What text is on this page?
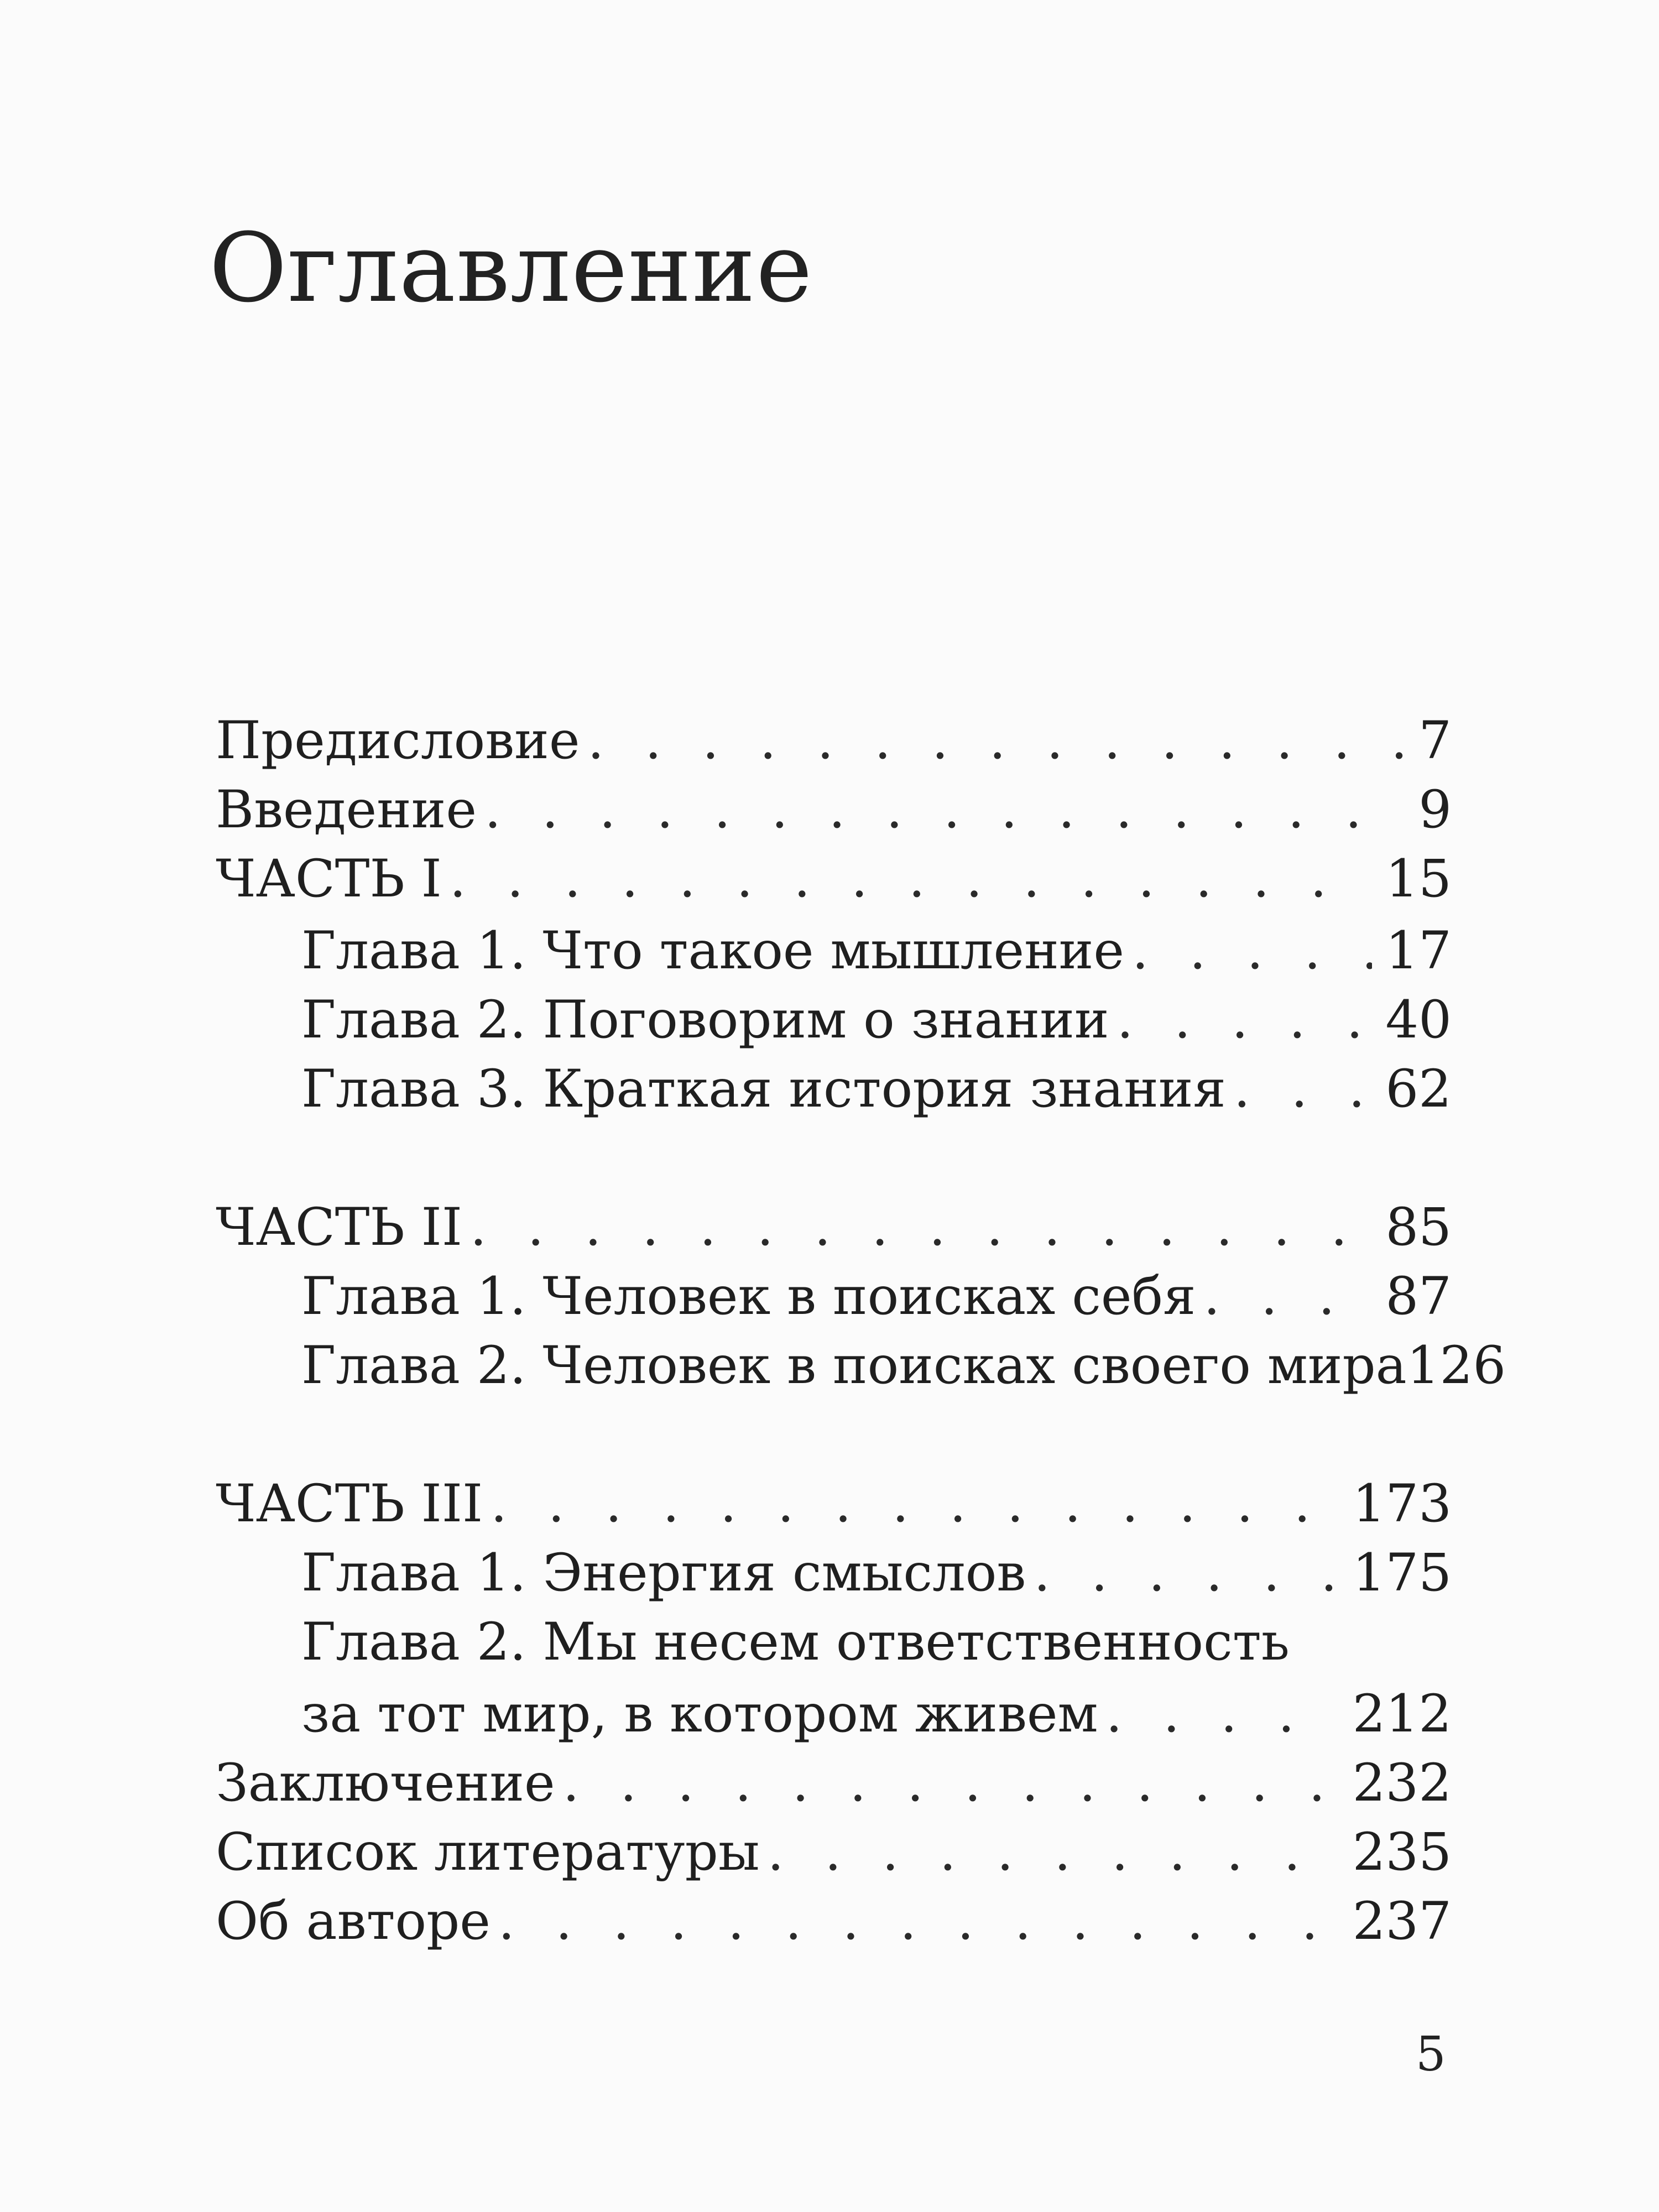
Оглавление
Предисловие . . .	7
Введение . . .	9
ЧАСТЬ I . . .	15
Глава 1. Что такое мышление . . .	17
Глава 2. Поговорим о знании . . .	40
Глава 3. Краткая история знания . . .	62
ЧАСТЬ II . . .	85
Глава 1. Человек в поисках себя . . .	87
Глава 2. Человек в поисках своего мира 126
ЧАСТЬ III . . .	173
Глава 1. Энергия смыслов . . .	175
Глава 2. Мы несем ответственность
за тот мир, в котором живем . . .	212
Заключение . . .	232
Список литературы . . .	235
Об авторе . . .	237
5
